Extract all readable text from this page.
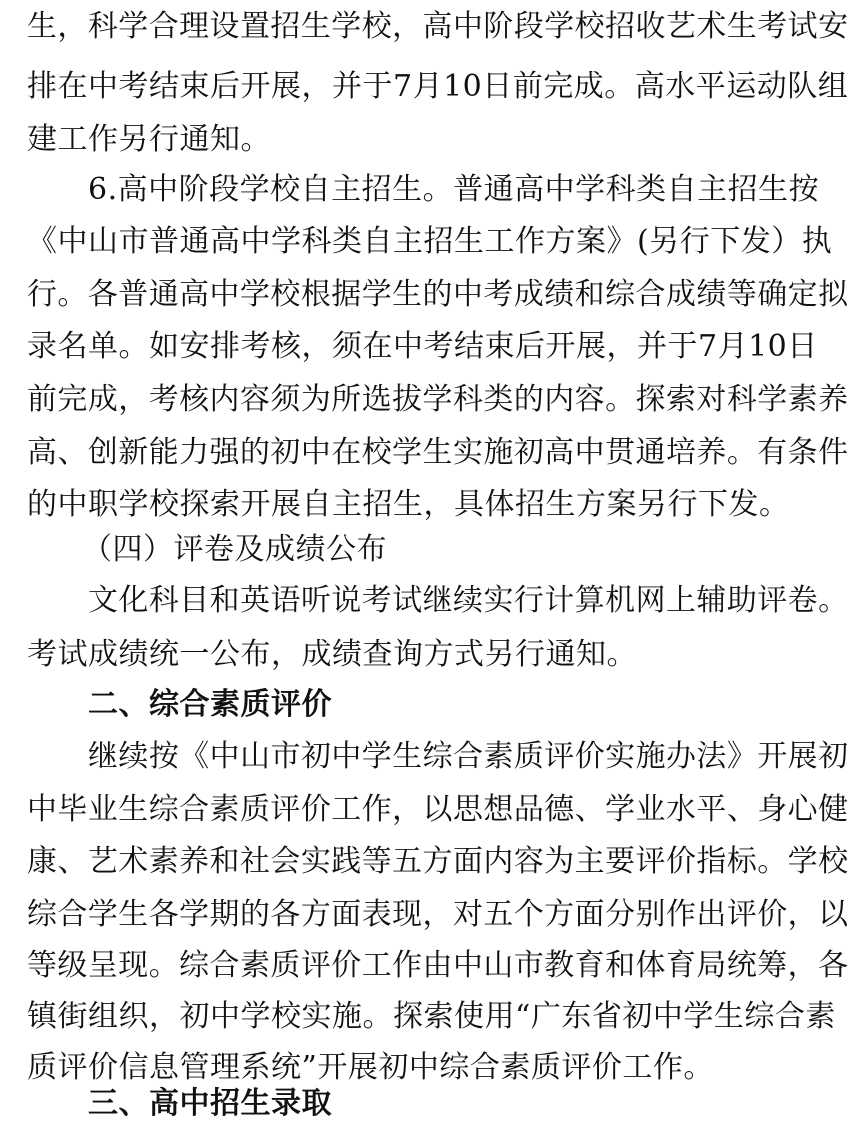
生，科学合理设置招生学校，高中阶段学校招收艺术生考试安
排在中考结束后开展，并于7月10日前完成。高水平运动队组
建工作另行通知。
6.高中阶段学校自主招生。普通高中学科类自主招生按
《中山市普通高中学科类自主招生工作方案》(另行下发）执
行。各普通高中学校根据学生的中考成绩和综合成绩等确定拟
录名单。如安排考核，须在中考结束后开展，并于7月10日
前完成，考核内容须为所选拔学科类的内容。探索对科学素养
高、创新能力强的初中在校学生实施初高中贯通培养。有条件
的中职学校探索开展自主招生，具体招生方案另行下发。
（四）评卷及成绩公布
文化科目和英语听说考试继续实行计算机网上辅助评卷。
考试成绩统一公布，成绩查询方式另行通知。
二、综合素质评价
继续按《中山市初中学生综合素质评价实施办法》开展初
中毕业生综合素质评价工作，以思想品德、学业水平、身心健
康、艺术素养和社会实践等五方面内容为主要评价指标。学校
综合学生各学期的各方面表现，对五个方面分别作出评价，以
等级呈现。综合素质评价工作由中山市教育和体育局统筹，各
镇街组织，初中学校实施。探索使用“广东省初中学生综合素
质评价信息管理系统”开展初中综合素质评价工作。
三、高中招生录取
